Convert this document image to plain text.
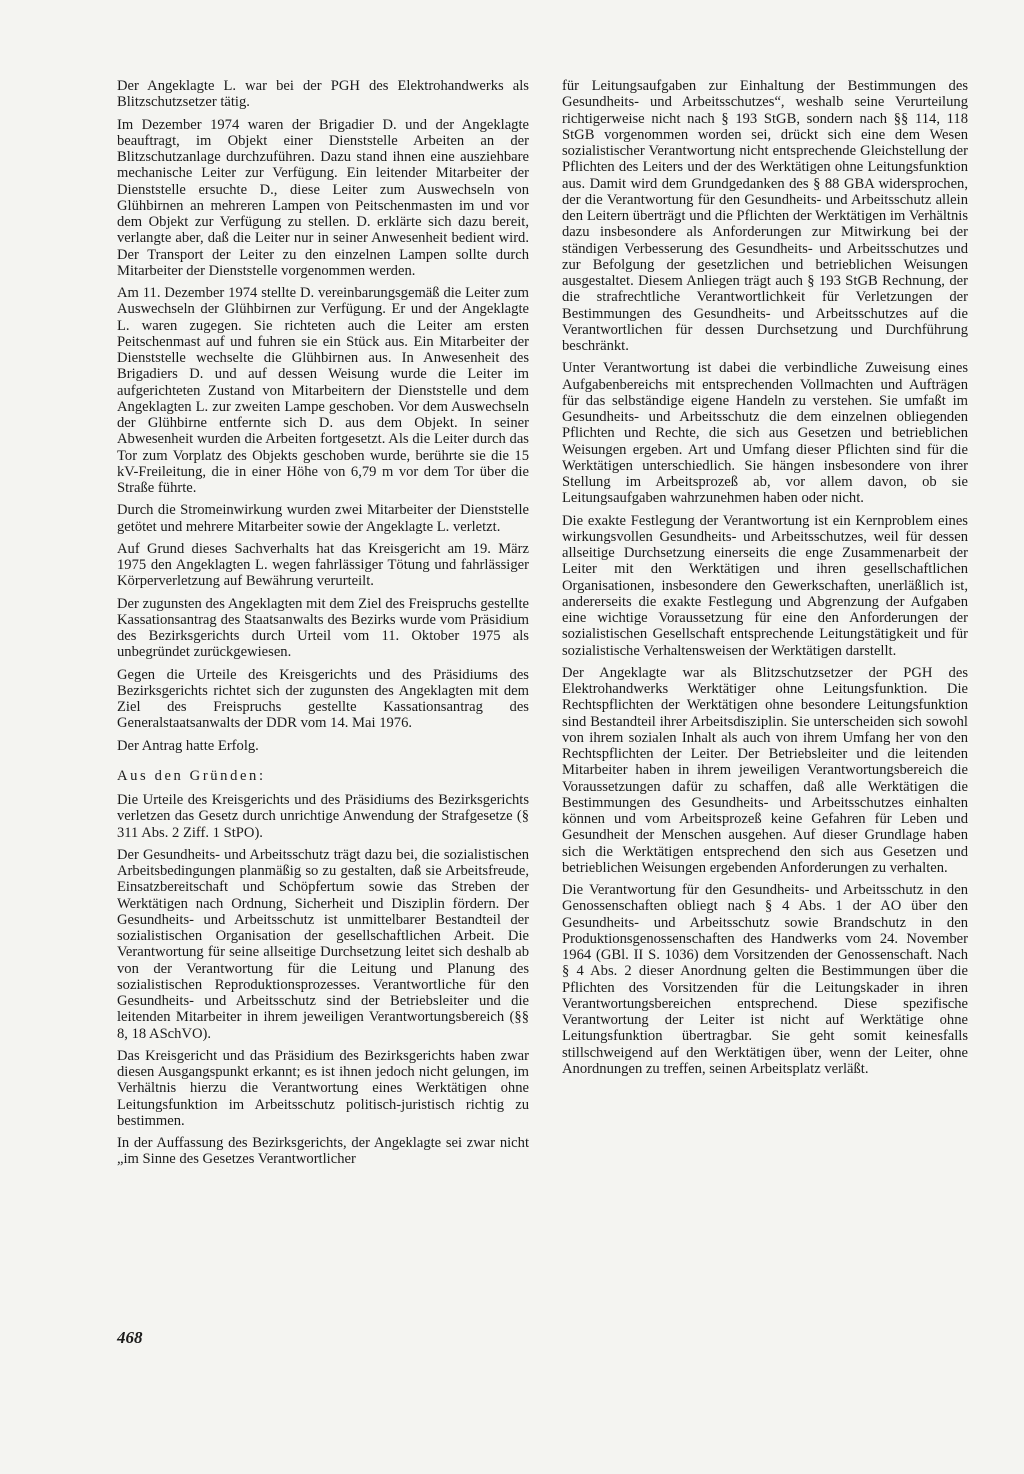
Der Angeklagte L. war bei der PGH des Elektrohandwerks als Blitzschutzsetzer tätig.

Im Dezember 1974 waren der Brigadier D. und der Angeklagte beauftragt, im Objekt einer Dienststelle Arbeiten an der Blitzschutzanlage durchzuführen. Dazu stand ihnen eine ausziehbare mechanische Leiter zur Verfügung. Ein leitender Mitarbeiter der Dienststelle ersuchte D., diese Leiter zum Auswechseln von Glühbirnen an mehreren Lampen von Peitschenmasten im und vor dem Objekt zur Verfügung zu stellen. D. erklärte sich dazu bereit, verlangte aber, daß die Leiter nur in seiner Anwesenheit bedient wird. Der Transport der Leiter zu den einzelnen Lampen sollte durch Mitarbeiter der Dienststelle vorgenommen werden.

Am 11. Dezember 1974 stellte D. vereinbarungsgemäß die Leiter zum Auswechseln der Glühbirnen zur Verfügung. Er und der Angeklagte L. waren zugegen. Sie richteten auch die Leiter am ersten Peitschenmast auf und fuhren sie ein Stück aus. Ein Mitarbeiter der Dienststelle wechselte die Glühbirnen aus. In Anwesenheit des Brigadiers D. und auf dessen Weisung wurde die Leiter im aufgerichteten Zustand von Mitarbeitern der Dienststelle und dem Angeklagten L. zur zweiten Lampe geschoben. Vor dem Auswechseln der Glühbirne entfernte sich D. aus dem Objekt. In seiner Abwesenheit wurden die Arbeiten fortgesetzt. Als die Leiter durch das Tor zum Vorplatz des Objekts geschoben wurde, berührte sie die 15 kV-Freileitung, die in einer Höhe von 6,79 m vor dem Tor über die Straße führte.

Durch die Stromeinwirkung wurden zwei Mitarbeiter der Dienststelle getötet und mehrere Mitarbeiter sowie der Angeklagte L. verletzt.

Auf Grund dieses Sachverhalts hat das Kreisgericht am 19. März 1975 den Angeklagten L. wegen fahrlässiger Tötung und fahrlässiger Körperverletzung auf Bewährung verurteilt.

Der zugunsten des Angeklagten mit dem Ziel des Freispruchs gestellte Kassationsantrag des Staatsanwalts des Bezirks wurde vom Präsidium des Bezirksgerichts durch Urteil vom 11. Oktober 1975 als unbegründet zurückgewiesen.

Gegen die Urteile des Kreisgerichts und des Präsidiums des Bezirksgerichts richtet sich der zugunsten des Angeklagten mit dem Ziel des Freispruchs gestellte Kassationsantrag des Generalstaatsanwalts der DDR vom 14. Mai 1976.

Der Antrag hatte Erfolg.

Aus den Gründen:

Die Urteile des Kreisgerichts und des Präsidiums des Bezirksgerichts verletzen das Gesetz durch unrichtige Anwendung der Strafgesetze (§ 311 Abs. 2 Ziff. 1 StPO).

Der Gesundheits- und Arbeitsschutz trägt dazu bei, die sozialistischen Arbeitsbedingungen planmäßig so zu gestalten, daß sie Arbeitsfreude, Einsatzbereitschaft und Schöpfertum sowie das Streben der Werktätigen nach Ordnung, Sicherheit und Disziplin fördern. Der Gesundheits- und Arbeitsschutz ist unmittelbarer Bestandteil der sozialistischen Organisation der gesellschaftlichen Arbeit. Die Verantwortung für seine allseitige Durchsetzung leitet sich deshalb ab von der Verantwortung für die Leitung und Planung des sozialistischen Reproduktionsprozesses. Verantwortliche für den Gesundheits- und Arbeitsschutz sind der Betriebsleiter und die leitenden Mitarbeiter in ihrem jeweiligen Verantwortungsbereich (§§ 8, 18 ASchVO).

Das Kreisgericht und das Präsidium des Bezirksgerichts haben zwar diesen Ausgangspunkt erkannt; es ist ihnen jedoch nicht gelungen, im Verhältnis hierzu die Verantwortung eines Werktätigen ohne Leitungsfunktion im Arbeitsschutz politisch-juristisch richtig zu bestimmen.

In der Auffassung des Bezirksgerichts, der Angeklagte sei zwar nicht „im Sinne des Gesetzes Verantwortlicher

für Leitungsaufgaben zur Einhaltung der Bestimmungen des Gesundheits- und Arbeitsschutzes“, weshalb seine Verurteilung richtigerweise nicht nach § 193 StGB, sondern nach §§ 114, 118 StGB vorgenommen worden sei, drückt sich eine dem Wesen sozialistischer Verantwortung nicht entsprechende Gleichstellung der Pflichten des Leiters und der des Werktätigen ohne Leitungsfunktion aus. Damit wird dem Grundgedanken des § 88 GBA widersprochen, der die Verantwortung für den Gesundheits- und Arbeitsschutz allein den Leitern überträgt und die Pflichten der Werktätigen im Verhältnis dazu insbesondere als Anforderungen zur Mitwirkung bei der ständigen Verbesserung des Gesundheits- und Arbeitsschutzes und zur Befolgung der gesetzlichen und betrieblichen Weisungen ausgestaltet. Diesem Anliegen trägt auch § 193 StGB Rechnung, der die strafrechtliche Verantwortlichkeit für Verletzungen der Bestimmungen des Gesundheits- und Arbeitsschutzes auf die Verantwortlichen für dessen Durchsetzung und Durchführung beschränkt.

Unter Verantwortung ist dabei die verbindliche Zuweisung eines Aufgabenbereichs mit entsprechenden Vollmachten und Aufträgen für das selbständige eigene Handeln zu verstehen. Sie umfaßt im Gesundheits- und Arbeitsschutz die dem einzelnen obliegenden Pflichten und Rechte, die sich aus Gesetzen und betrieblichen Weisungen ergeben. Art und Umfang dieser Pflichten sind für die Werktätigen unterschiedlich. Sie hängen insbesondere von ihrer Stellung im Arbeitsprozeß ab, vor allem davon, ob sie Leitungsaufgaben wahrzunehmen haben oder nicht.

Die exakte Festlegung der Verantwortung ist ein Kernproblem eines wirkungsvollen Gesundheits- und Arbeitsschutzes, weil für dessen allseitige Durchsetzung einerseits die enge Zusammenarbeit der Leiter mit den Werktätigen und ihren gesellschaftlichen Organisationen, insbesondere den Gewerkschaften, unerläßlich ist, andererseits die exakte Festlegung und Abgrenzung der Aufgaben eine wichtige Voraussetzung für eine den Anforderungen der sozialistischen Gesellschaft entsprechende Leitungstätigkeit und für sozialistische Verhaltensweisen der Werktätigen darstellt.

Der Angeklagte war als Blitzschutzsetzer der PGH des Elektrohandwerks Werktätiger ohne Leitungsfunktion. Die Rechtspflichten der Werktätigen ohne besondere Leitungsfunktion sind Bestandteil ihrer Arbeitsdisziplin. Sie unterscheiden sich sowohl von ihrem sozialen Inhalt als auch von ihrem Umfang her von den Rechtspflichten der Leiter. Der Betriebsleiter und die leitenden Mitarbeiter haben in ihrem jeweiligen Verantwortungsbereich die Voraussetzungen dafür zu schaffen, daß alle Werktätigen die Bestimmungen des Gesundheits- und Arbeitsschutzes einhalten können und vom Arbeitsprozeß keine Gefahren für Leben und Gesundheit der Menschen ausgehen. Auf dieser Grundlage haben sich die Werktätigen entsprechend den sich aus Gesetzen und betrieblichen Weisungen ergebenden Anforderungen zu verhalten.

Die Verantwortung für den Gesundheits- und Arbeitsschutz in den Genossenschaften obliegt nach § 4 Abs. 1 der AO über den Gesundheits- und Arbeitsschutz sowie Brandschutz in den Produktionsgenossenschaften des Handwerks vom 24. November 1964 (GBl. II S. 1036) dem Vorsitzenden der Genossenschaft. Nach § 4 Abs. 2 dieser Anordnung gelten die Bestimmungen über die Pflichten des Vorsitzenden für die Leitungskader in ihren Verantwortungsbereichen entsprechend. Diese spezifische Verantwortung der Leiter ist nicht auf Werktätige ohne Leitungsfunktion übertragbar. Sie geht somit keinesfalls stillschweigend auf den Werktätigen über, wenn der Leiter, ohne Anordnungen zu treffen, seinen Arbeitsplatz verläßt.

468
